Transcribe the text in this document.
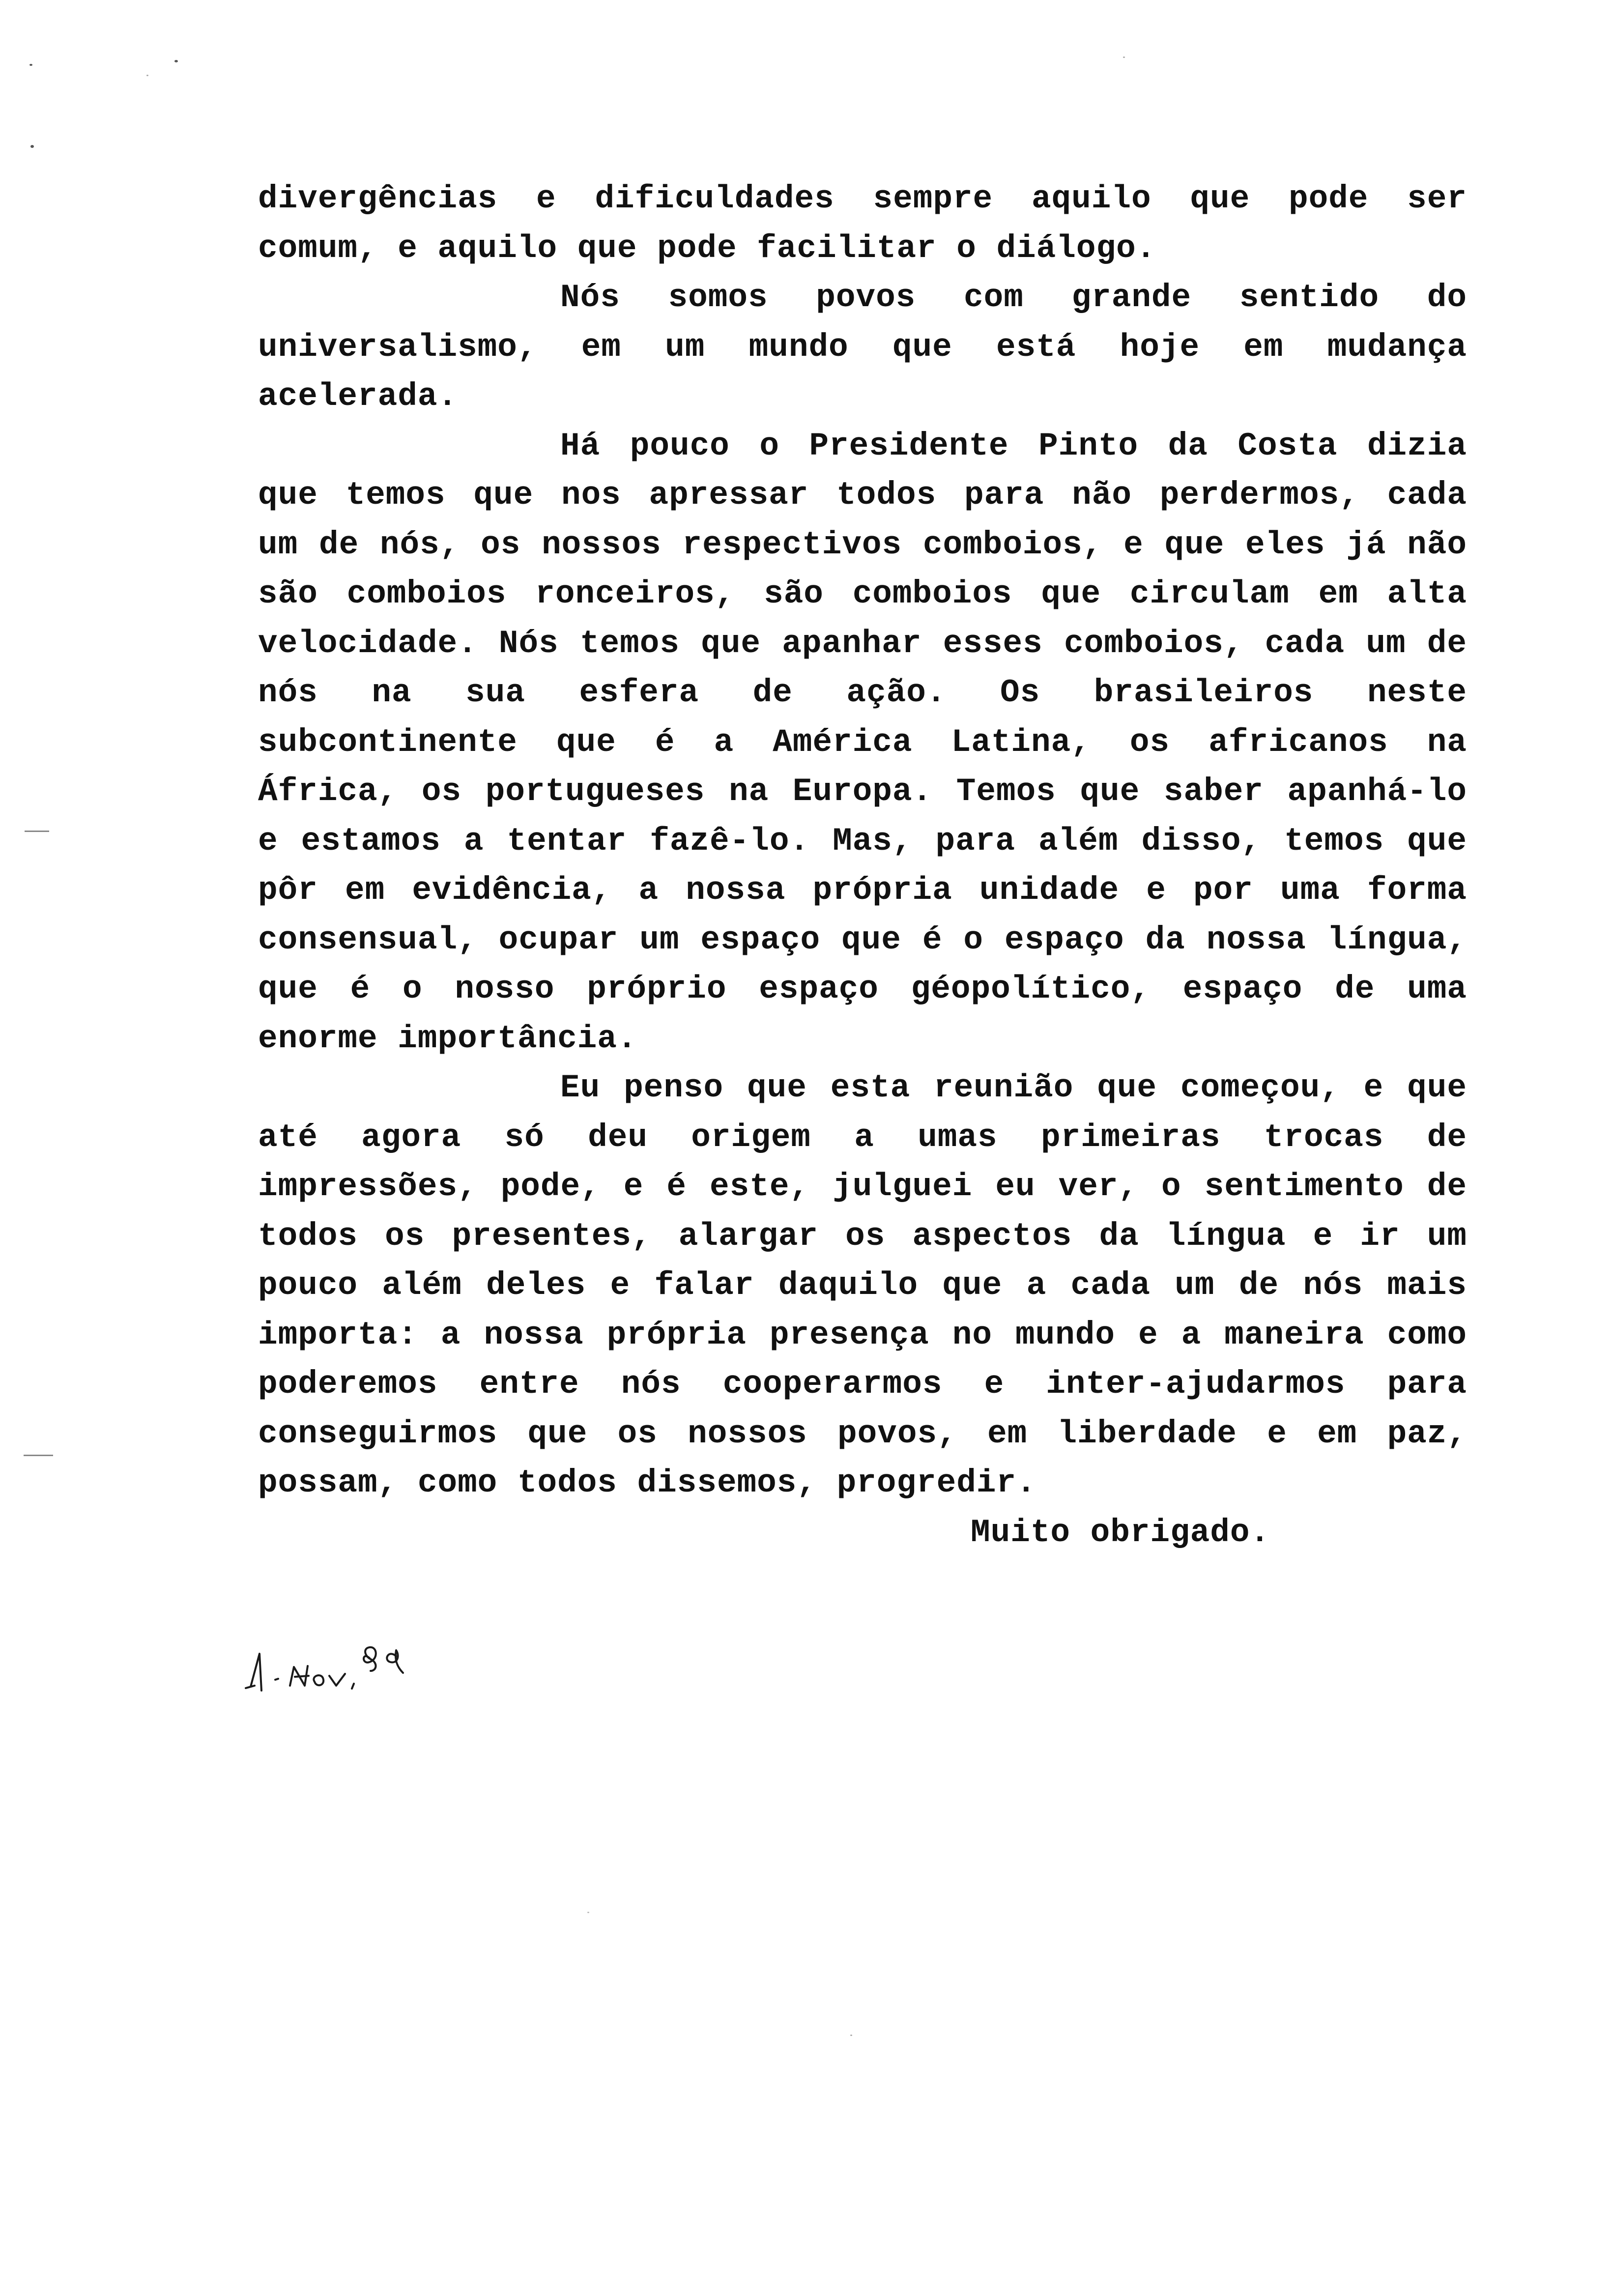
divergências e dificuldades sempre aquilo que pode ser
comum, e aquilo que pode facilitar o diálogo.
Nós somos povos com grande sentido do
universalismo, em um mundo que está hoje em mudança
acelerada.
Há pouco o Presidente Pinto da Costa dizia
que temos que nos apressar todos para não perdermos, cada
um de nós, os nossos respectivos comboios, e que eles já não
são comboios ronceiros, são comboios que circulam em alta
velocidade. Nós temos que apanhar esses comboios, cada um de
nós na sua esfera de ação. Os brasileiros neste
subcontinente que é a América Latina, os africanos na
África, os portugueses na Europa. Temos que saber apanhá-lo
e estamos a tentar fazê-lo. Mas, para além disso, temos que
pôr em evidência, a nossa própria unidade e por uma forma
consensual, ocupar um espaço que é o espaço da nossa língua,
que é o nosso próprio espaço géopolítico, espaço de uma
enorme importância.
Eu penso que esta reunião que começou, e que
até agora só deu origem a umas primeiras trocas de
impressões, pode, e é este, julguei eu ver, o sentimento de
todos os presentes, alargar os aspectos da língua e ir um
pouco além deles e falar daquilo que a cada um de nós mais
importa: a nossa própria presença no mundo e a maneira como
poderemos entre nós cooperarmos e inter-ajudarmos para
conseguirmos que os nossos povos, em liberdade e em paz,
possam, como todos dissemos, progredir.
Muito obrigado.
